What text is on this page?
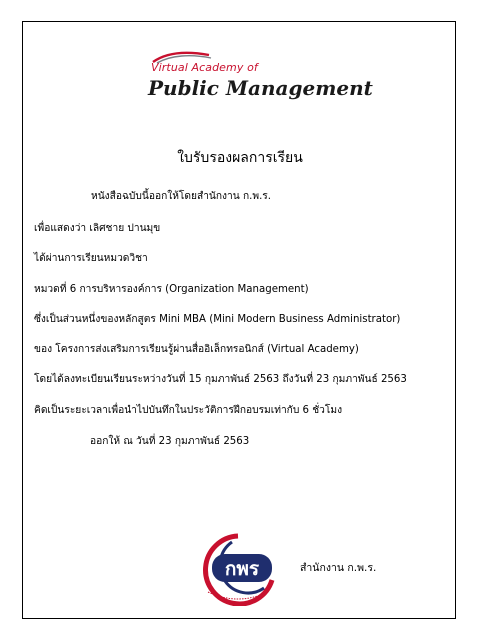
Virtual Academy of
Public Management
ใบรับรองผลการเรียน
หนังสือฉบับนี้ออกให้โดยสำนักงาน ก.พ.ร.
เพื่อแสดงว่า เลิศชาย ปานมุข
ได้ผ่านการเรียนหมวดวิชา
หมวดที่ 6 การบริหารองค์การ (Organization Management)
ซึ่งเป็นส่วนหนึ่งของหลักสูตร Mini MBA (Mini Modern Business Administrator)
ของ โครงการส่งเสริมการเรียนรู้ผ่านสื่ออิเล็กทรอนิกส์ (Virtual Academy)
โดยได้ลงทะเบียนเรียนระหว่างวันที่ 15 กุมภาพันธ์ 2563 ถึงวันที่ 23 กุมภาพันธ์ 2563
คิดเป็นระยะเวลาเพื่อนำไปบันทึกในประวัติการฝึกอบรมเท่ากับ 6 ชั่วโมง
ออกให้ ณ วันที่ 23 กุมภาพันธ์ 2563
กพร	สำนักงาน ก.พ.ร.
